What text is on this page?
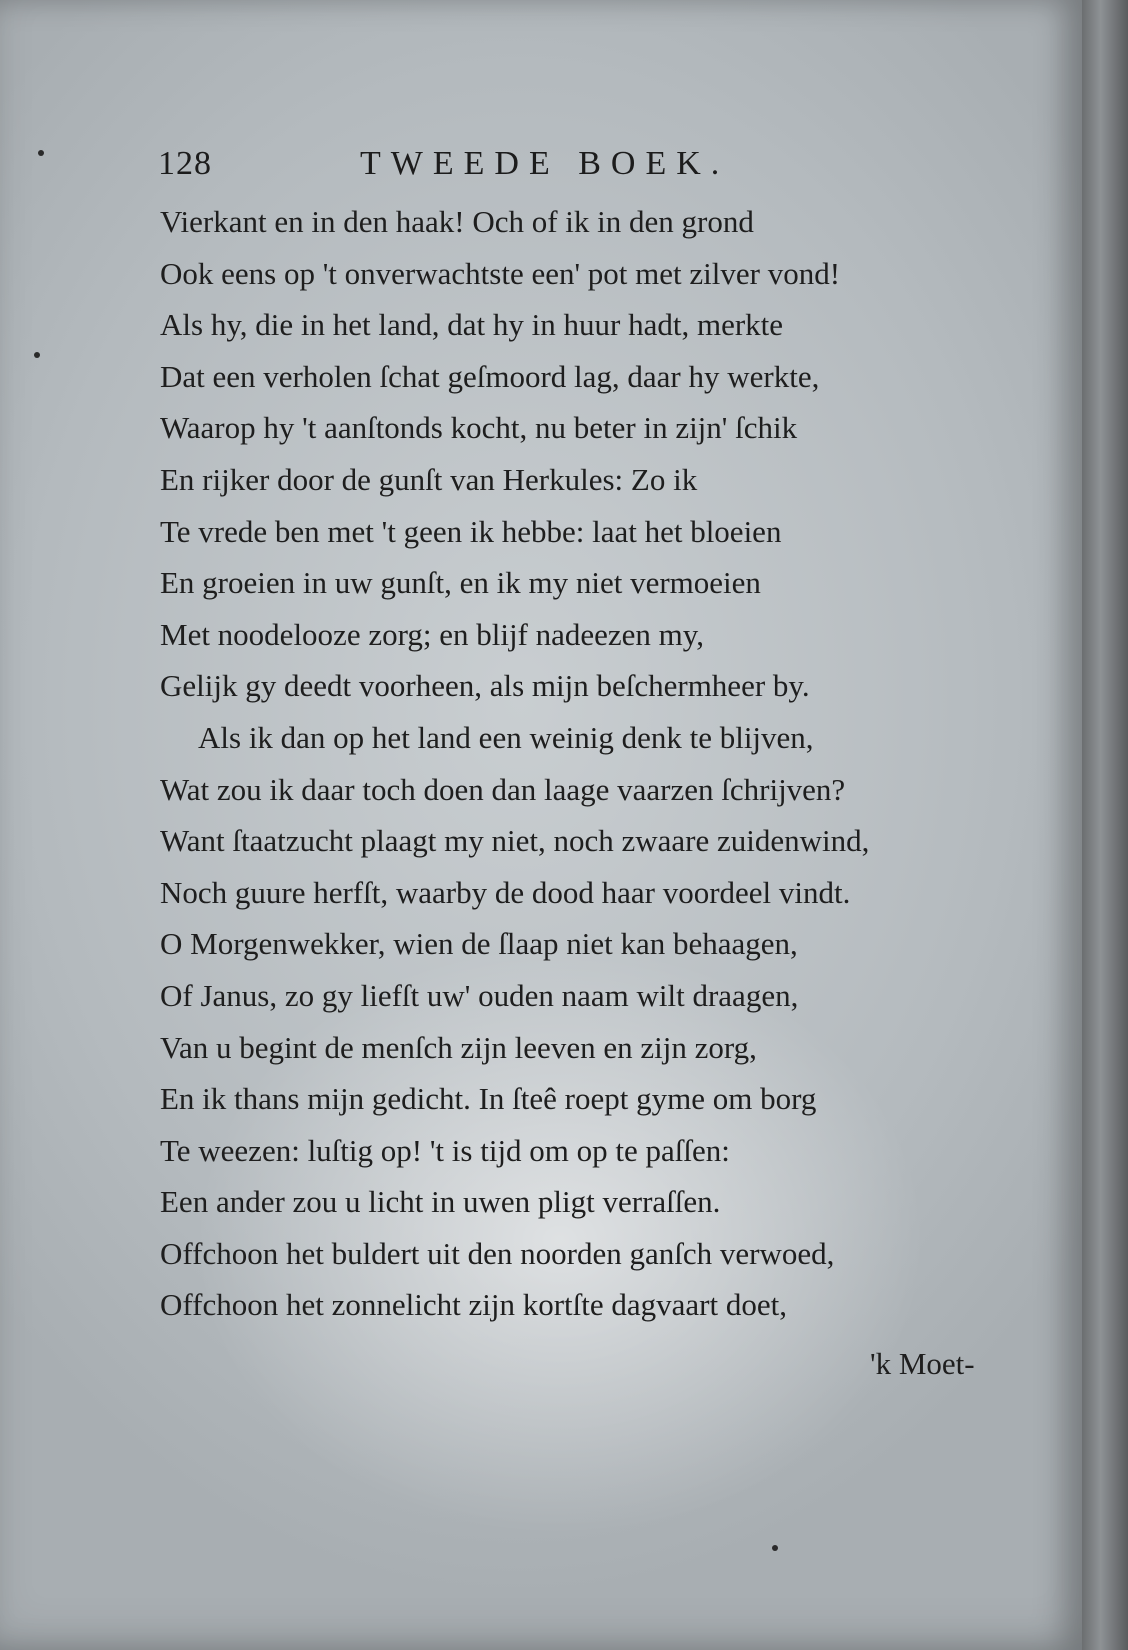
128	TWEEDE BOEK.
Vierkant en in den haak! Och of ik in den grond
Ook eens op 't onverwachtste een' pot met zilver vond!
Als hy, die in het land, dat hy in huur hadt, merkte
Dat een verholen ſchat geſmoord lag, daar hy werkte,
Waarop hy 't aanſtonds kocht, nu beter in zijn' ſchik
En rijker door de gunſt van Herkules: Zo ik
Te vrede ben met 't geen ik hebbe: laat het bloeien
En groeien in uw gunſt, en ik my niet vermoeien
Met noodelooze zorg; en blijf nadeezen my,
Gelijk gy deedt voorheen, als mijn beſchermheer by.
Als ik dan op het land een weinig denk te blijven,
Wat zou ik daar toch doen dan laage vaarzen ſchrijven?
Want ſtaatzucht plaagt my niet, noch zwaare zuidenwind,
Noch guure herfſt, waarby de dood haar voordeel vindt.
O Morgenwekker, wien de ſlaap niet kan behaagen,
Of Janus, zo gy liefſt uw' ouden naam wilt draagen,
Van u begint de menſch zijn leeven en zijn zorg,
En ik thans mijn gedicht. In ſteê roept gyme om borg
Te weezen: luſtig op! 't is tijd om op te paſſen:
Een ander zou u licht in uwen pligt verraſſen.
Offchoon het buldert uit den noorden ganſch verwoed,
Offchoon het zonnelicht zijn kortſte dagvaart doet,
'k Moet-
